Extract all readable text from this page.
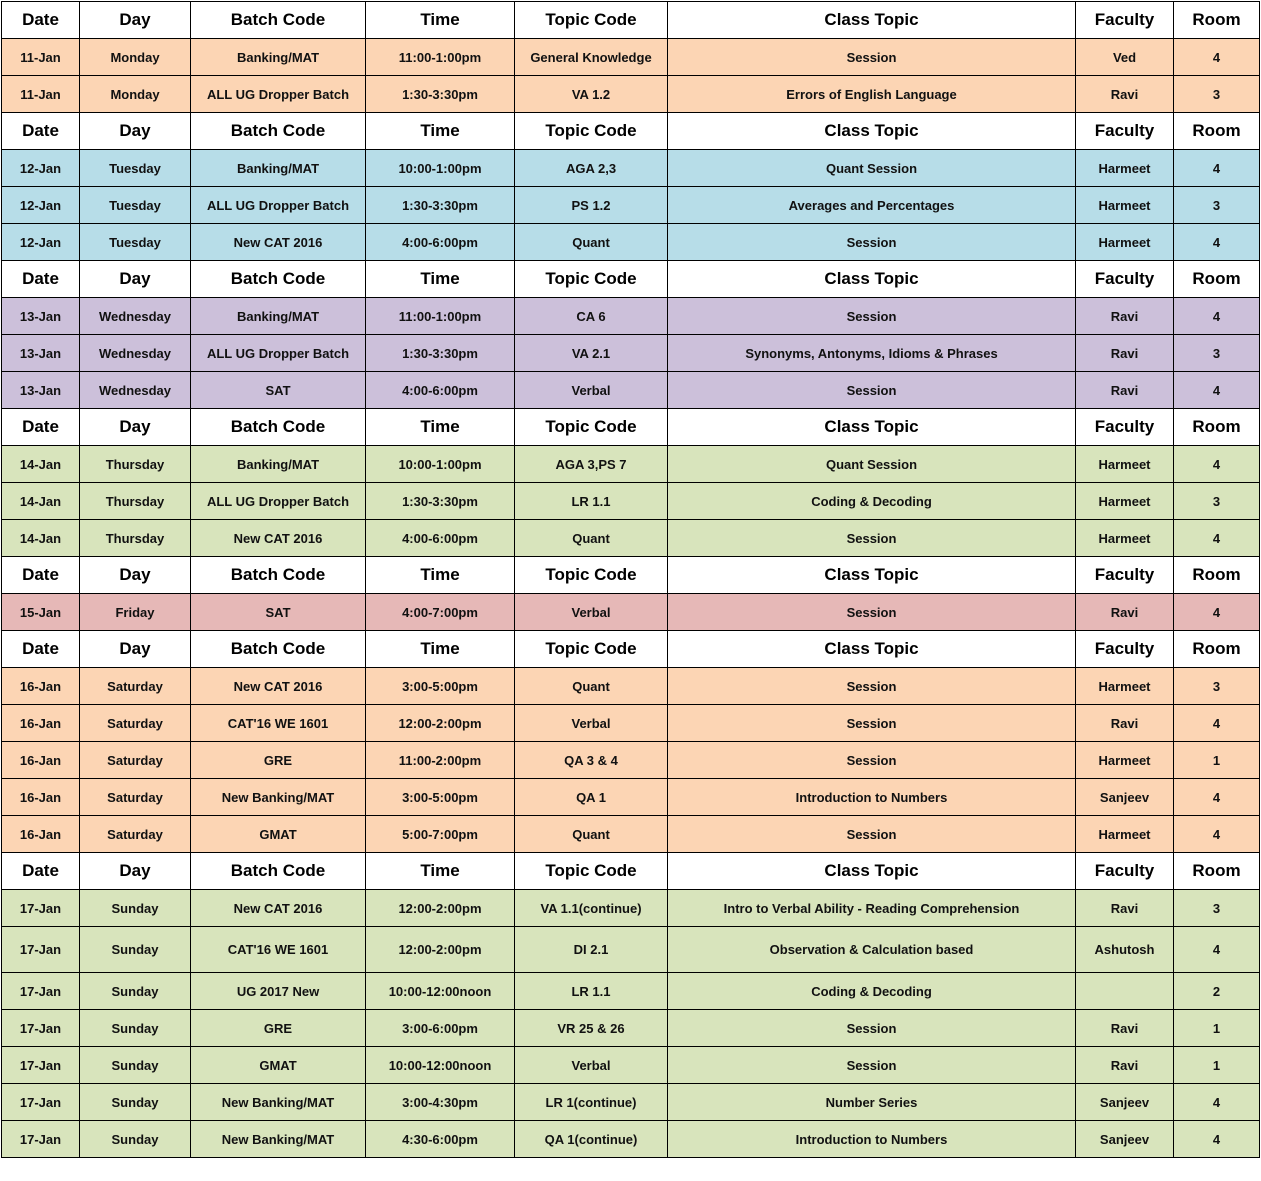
Date	Day	Batch Code	Time	Topic Code	Class Topic	Faculty	Room
11-Jan	Monday	Banking/MAT	11:00-1:00pm	General Knowledge	Session	Ved	4
11-Jan	Monday	ALL UG Dropper Batch	1:30-3:30pm	VA 1.2	Errors of English Language	Ravi	3
Date	Day	Batch Code	Time	Topic Code	Class Topic	Faculty	Room
12-Jan	Tuesday	Banking/MAT	10:00-1:00pm	AGA 2,3	Quant Session	Harmeet	4
12-Jan	Tuesday	ALL UG Dropper Batch	1:30-3:30pm	PS 1.2	Averages and Percentages	Harmeet	3
12-Jan	Tuesday	New CAT 2016	4:00-6:00pm	Quant	Session	Harmeet	4
Date	Day	Batch Code	Time	Topic Code	Class Topic	Faculty	Room
13-Jan	Wednesday	Banking/MAT	11:00-1:00pm	CA 6	Session	Ravi	4
13-Jan	Wednesday	ALL UG Dropper Batch	1:30-3:30pm	VA 2.1	Synonyms, Antonyms, Idioms & Phrases	Ravi	3
13-Jan	Wednesday	SAT	4:00-6:00pm	Verbal	Session	Ravi	4
Date	Day	Batch Code	Time	Topic Code	Class Topic	Faculty	Room
14-Jan	Thursday	Banking/MAT	10:00-1:00pm	AGA 3,PS 7	Quant Session	Harmeet	4
14-Jan	Thursday	ALL UG Dropper Batch	1:30-3:30pm	LR 1.1	Coding & Decoding	Harmeet	3
14-Jan	Thursday	New CAT 2016	4:00-6:00pm	Quant	Session	Harmeet	4
Date	Day	Batch Code	Time	Topic Code	Class Topic	Faculty	Room
15-Jan	Friday	SAT	4:00-7:00pm	Verbal	Session	Ravi	4
Date	Day	Batch Code	Time	Topic Code	Class Topic	Faculty	Room
16-Jan	Saturday	New CAT 2016	3:00-5:00pm	Quant	Session	Harmeet	3
16-Jan	Saturday	CAT'16 WE 1601	12:00-2:00pm	Verbal	Session	Ravi	4
16-Jan	Saturday	GRE	11:00-2:00pm	QA 3 & 4	Session	Harmeet	1
16-Jan	Saturday	New Banking/MAT	3:00-5:00pm	QA 1	Introduction to Numbers	Sanjeev	4
16-Jan	Saturday	GMAT	5:00-7:00pm	Quant	Session	Harmeet	4
Date	Day	Batch Code	Time	Topic Code	Class Topic	Faculty	Room
17-Jan	Sunday	New CAT 2016	12:00-2:00pm	VA 1.1(continue)	Intro to Verbal Ability - Reading Comprehension	Ravi	3
17-Jan	Sunday	CAT'16 WE 1601	12:00-2:00pm	DI 2.1	Observation & Calculation based	Ashutosh	4
17-Jan	Sunday	UG 2017 New	10:00-12:00noon	LR 1.1	Coding & Decoding		2
17-Jan	Sunday	GRE	3:00-6:00pm	VR 25 & 26	Session	Ravi	1
17-Jan	Sunday	GMAT	10:00-12:00noon	Verbal	Session	Ravi	1
17-Jan	Sunday	New Banking/MAT	3:00-4:30pm	LR 1(continue)	Number Series	Sanjeev	4
17-Jan	Sunday	New Banking/MAT	4:30-6:00pm	QA 1(continue)	Introduction to Numbers	Sanjeev	4
